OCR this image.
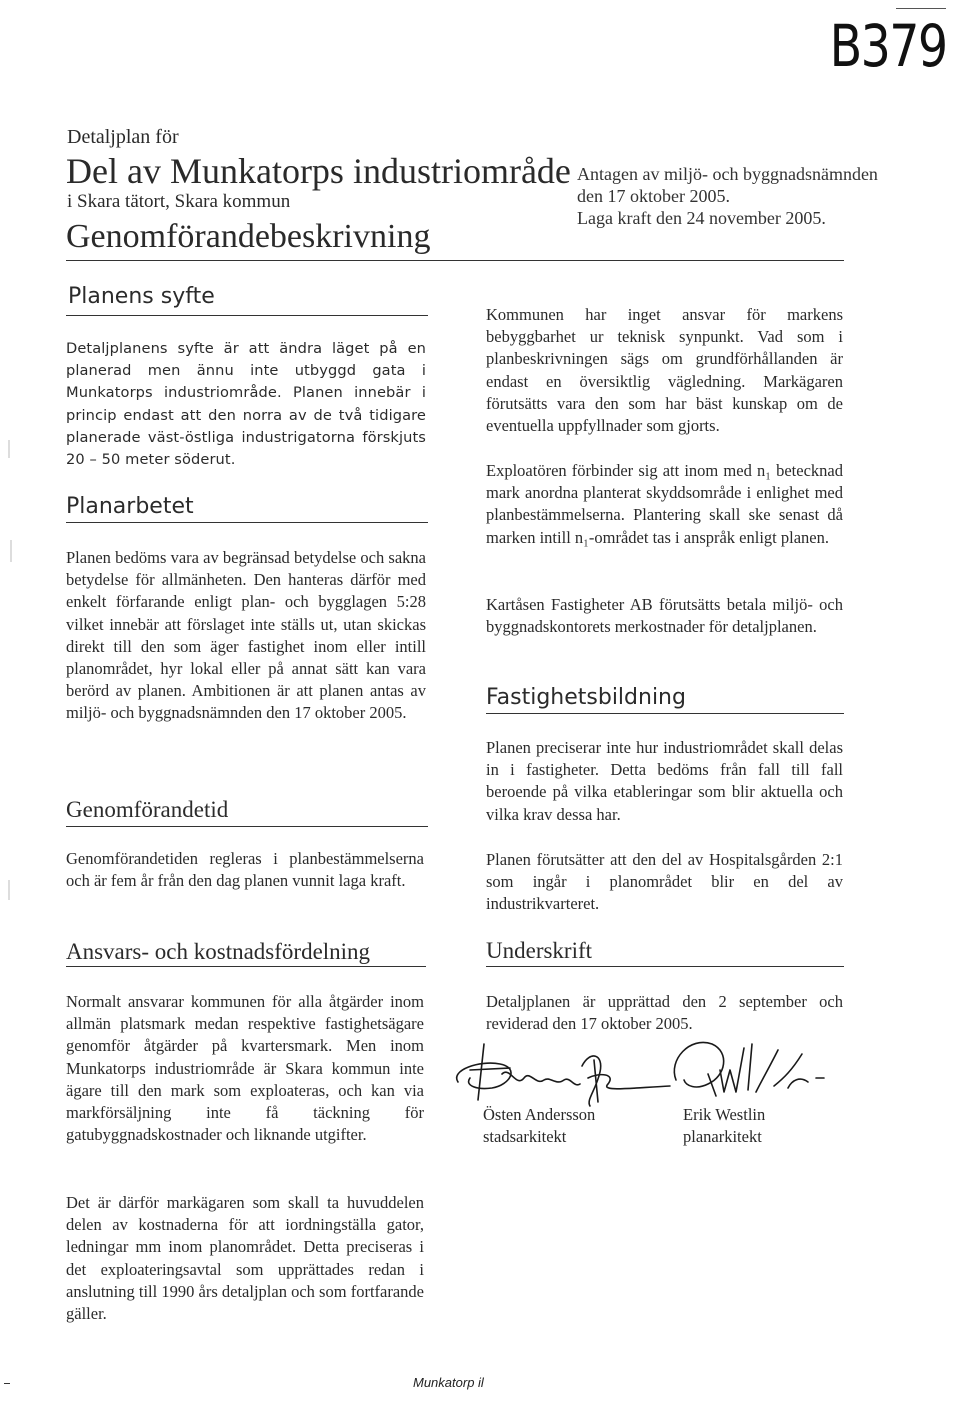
B379
Detaljplan för
Del av Munkatorps industriområde
i Skara tätort, Skara kommun
Genomförandebeskrivning
Antagen av miljö- och byggnadsnämnden
den 17 oktober 2005.
Laga kraft den 24 november 2005.
Planens syfte
Detaljplanens syfte är att ändra läget på en planerad men ännu inte utbyggd gata i Munkatorps industriområde. Planen innebär i princip endast att den norra av de två tidigare planerade väst-östliga industrigatorna förskjuts 20 – 50 meter söderut.
Planarbetet
Planen bedöms vara av begränsad betydelse och sakna betydelse för allmänheten. Den hanteras därför med enkelt förfarande enligt plan- och bygglagen 5:28 vilket innebär att förslaget inte ställs ut, utan skickas direkt till den som äger fastighet inom eller intill planområdet, hyr lokal eller på annat sätt kan vara berörd av planen. Ambitionen är att planen antas av miljö- och byggnadsnämnden den 17 oktober 2005.
Genomförandetid
Genomförandetiden regleras i planbestämmelserna och är fem år från den dag planen vunnit laga kraft.
Ansvars- och kostnadsfördelning
Normalt ansvarar kommunen för alla åtgärder inom allmän platsmark medan respektive fastighetsägare genomför åtgärder på kvartersmark. Men inom Munkatorps industriområde är Skara kommun inte ägare till den mark som exploateras, och kan via markförsäljning inte få täckning för gatubyggnadskostnader och liknande utgifter.
Det är därför markägaren som skall ta huvuddelen delen av kostnaderna för att iordningställa gator, ledningar mm inom planområdet. Detta preciseras i det exploateringsavtal som upprättades redan i anslutning till 1990 års detaljplan och som fortfarande gäller.
Kommunen har inget ansvar för markens bebyggbarhet ur teknisk synpunkt. Vad som i planbeskrivningen sägs om grundförhållanden är endast en översiktlig vägledning. Markägaren förutsätts vara den som har bäst kunskap om de eventuella uppfyllnader som gjorts.
Exploatören förbinder sig att inom med n₁ betecknad mark anordna planterat skyddsområde i enlighet med planbestämmelserna. Plantering skall ske senast då marken intill n₁-området tas i anspråk enligt planen.
Kartåsen Fastigheter AB förutsätts betala miljö- och byggnadskontorets merkostnader för detaljplanen.
Fastighetsbildning
Planen preciserar inte hur industriområdet skall delas in i fastigheter. Detta bedöms från fall till fall beroende på vilka etableringar som blir aktuella och vilka krav dessa har.
Planen förutsätter att den del av Hospitalsgården 2:1 som ingår i planområdet blir en del av industrikvarteret.
Underskrift
Detaljplanen är upprättad den 2 september och reviderad den 17 oktober 2005.
Östen Andersson
stadsarkitekt
Erik Westlin
planarkitekt
Munkatorp il
